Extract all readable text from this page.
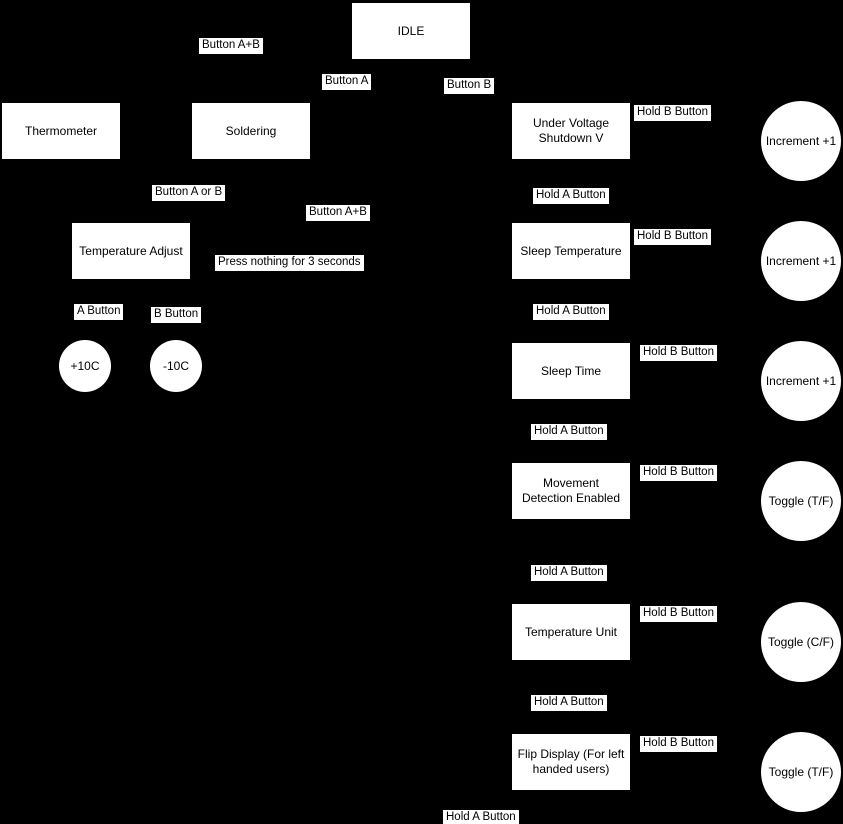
IDLE
Thermometer	Soldering
Under Voltage Shutdown V
Temperature Adjust	Sleep Temperature
Sleep Time
Movement Detection Enabled
Temperature Unit
Flip Display (For left handed users)
+10C	-10C
Increment +1
Increment +1
Increment +1
Toggle (T/F)
Toggle (C/F)
Toggle (T/F)
Button A+B
Button A	Button B
Hold B Button
Button A or B	Hold A Button
Button A+B
Hold B Button
Press nothing for 3 seconds
Hold A Button
A Button	B Button
Hold B Button
Hold A Button
Hold B Button
Hold A Button
Hold B Button
Hold A Button
Hold B Button
Hold A Button
